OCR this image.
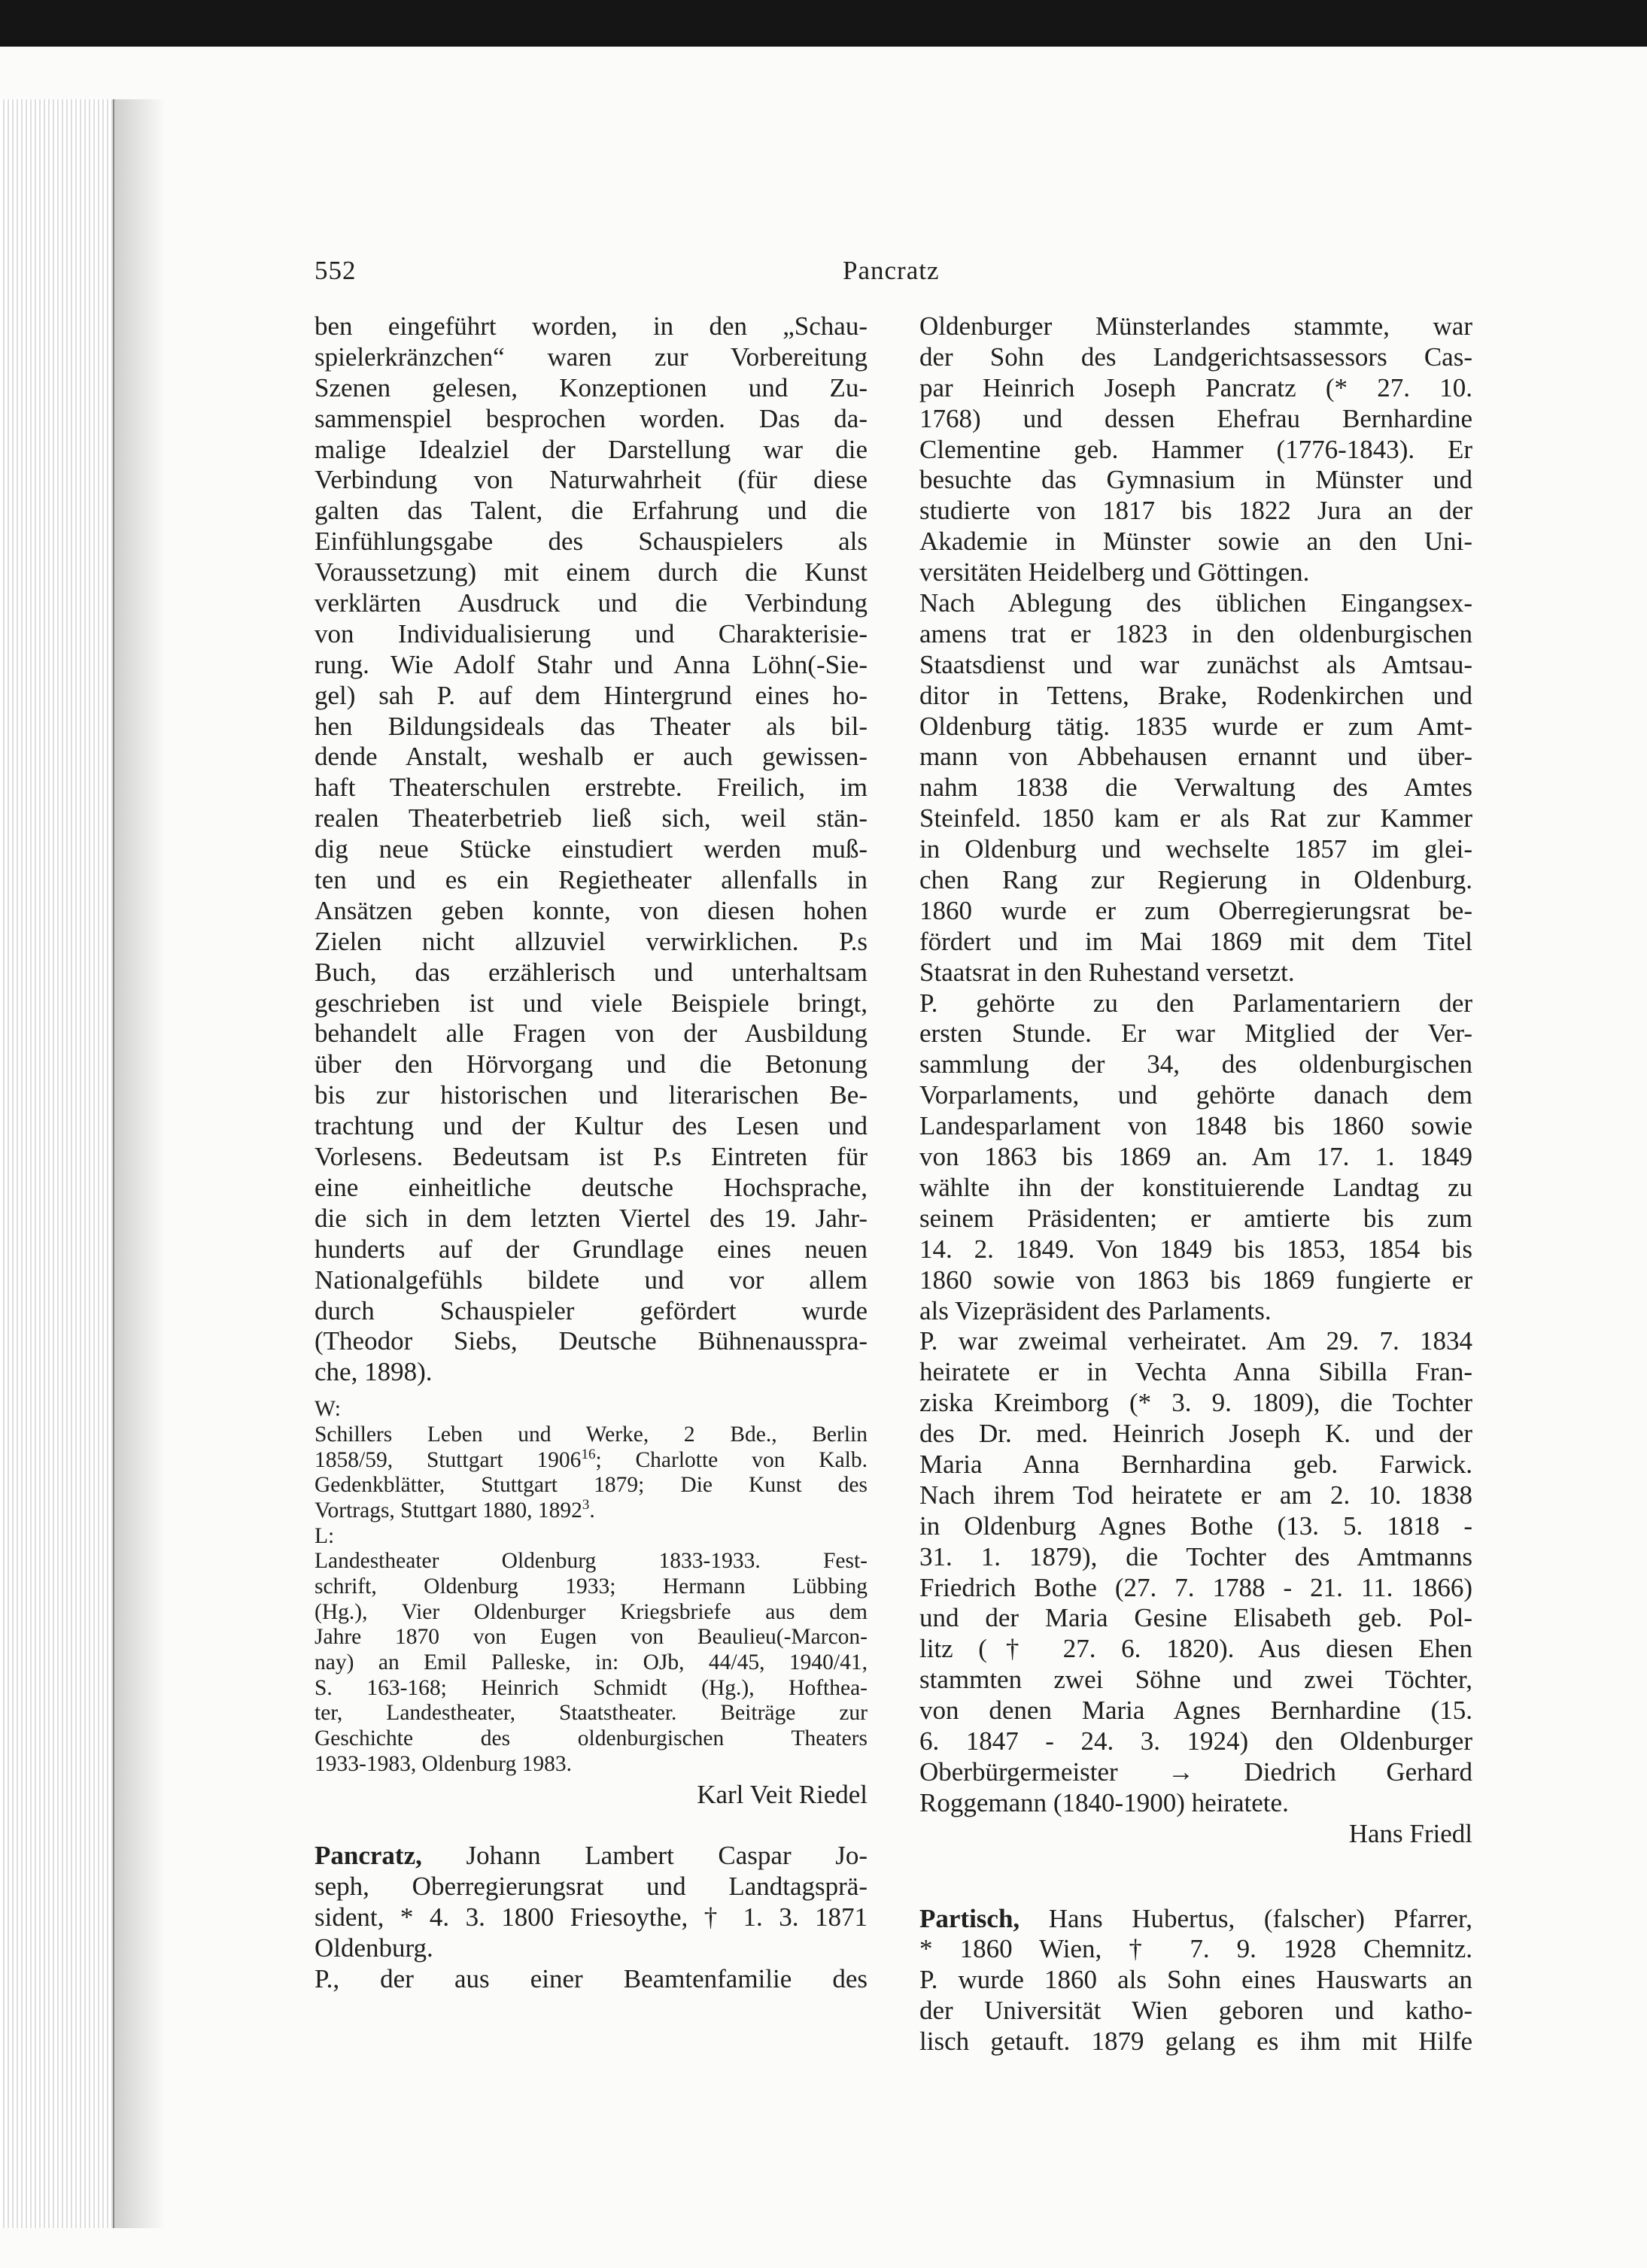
552	Pancratz
ben eingeführt worden, in den „Schau-
spielerkränzchen“ waren zur Vorbereitung
Szenen gelesen, Konzeptionen und Zu-
sammenspiel besprochen worden. Das da-
malige Idealziel der Darstellung war die
Verbindung von Naturwahrheit (für diese
galten das Talent, die Erfahrung und die
Einfühlungsgabe des Schauspielers als
Voraussetzung) mit einem durch die Kunst
verklärten Ausdruck und die Verbindung
von Individualisierung und Charakterisie-
rung. Wie Adolf Stahr und Anna Löhn(-Sie-
gel) sah P. auf dem Hintergrund eines ho-
hen Bildungsideals das Theater als bil-
dende Anstalt, weshalb er auch gewissen-
haft Theaterschulen erstrebte. Freilich, im
realen Theaterbetrieb ließ sich, weil stän-
dig neue Stücke einstudiert werden muß-
ten und es ein Regietheater allenfalls in
Ansätzen geben konnte, von diesen hohen
Zielen nicht allzuviel verwirklichen. P.s
Buch, das erzählerisch und unterhaltsam
geschrieben ist und viele Beispiele bringt,
behandelt alle Fragen von der Ausbildung
über den Hörvorgang und die Betonung
bis zur historischen und literarischen Be-
trachtung und der Kultur des Lesen und
Vorlesens. Bedeutsam ist P.s Eintreten für
eine einheitliche deutsche Hochsprache,
die sich in dem letzten Viertel des 19. Jahr-
hunderts auf der Grundlage eines neuen
Nationalgefühls bildete und vor allem
durch Schauspieler gefördert wurde
(Theodor Siebs, Deutsche Bühnenausspra-
che, 1898).
W:
Schillers Leben und Werke, 2 Bde., Berlin
1858/59, Stuttgart 1906$^{16}$; Charlotte von Kalb.
Gedenkblätter, Stuttgart 1879; Die Kunst des
Vortrags, Stuttgart 1880, 1892$^3$.
L:
Landestheater Oldenburg 1833-1933. Fest-
schrift, Oldenburg 1933; Hermann Lübbing
(Hg.), Vier Oldenburger Kriegsbriefe aus dem
Jahre 1870 von Eugen von Beaulieu(-Marcon-
nay) an Emil Palleske, in: OJb, 44/45, 1940/41,
S. 163-168; Heinrich Schmidt (Hg.), Hofthea-
ter, Landestheater, Staatstheater. Beiträge zur
Geschichte des oldenburgischen Theaters
1933-1983, Oldenburg 1983.
Karl Veit Riedel
Pancratz, Johann Lambert Caspar Jo-
seph, Oberregierungsrat und Landtagsprä-
sident, * 4. 3. 1800 Friesoythe, † 1. 3. 1871
Oldenburg.
P., der aus einer Beamtenfamilie des
Oldenburger Münsterlandes stammte, war
der Sohn des Landgerichtsassessors Cas-
par Heinrich Joseph Pancratz (* 27. 10.
1768) und dessen Ehefrau Bernhardine
Clementine geb. Hammer (1776-1843). Er
besuchte das Gymnasium in Münster und
studierte von 1817 bis 1822 Jura an der
Akademie in Münster sowie an den Uni-
versitäten Heidelberg und Göttingen.
Nach Ablegung des üblichen Eingangsex-
amens trat er 1823 in den oldenburgischen
Staatsdienst und war zunächst als Amtsau-
ditor in Tettens, Brake, Rodenkirchen und
Oldenburg tätig. 1835 wurde er zum Amt-
mann von Abbehausen ernannt und über-
nahm 1838 die Verwaltung des Amtes
Steinfeld. 1850 kam er als Rat zur Kammer
in Oldenburg und wechselte 1857 im glei-
chen Rang zur Regierung in Oldenburg.
1860 wurde er zum Oberregierungsrat be-
fördert und im Mai 1869 mit dem Titel
Staatsrat in den Ruhestand versetzt.
P. gehörte zu den Parlamentariern der
ersten Stunde. Er war Mitglied der Ver-
sammlung der 34, des oldenburgischen
Vorparlaments, und gehörte danach dem
Landesparlament von 1848 bis 1860 sowie
von 1863 bis 1869 an. Am 17. 1. 1849
wählte ihn der konstituierende Landtag zu
seinem Präsidenten; er amtierte bis zum
14. 2. 1849. Von 1849 bis 1853, 1854 bis
1860 sowie von 1863 bis 1869 fungierte er
als Vizepräsident des Parlaments.
P. war zweimal verheiratet. Am 29. 7. 1834
heiratete er in Vechta Anna Sibilla Fran-
ziska Kreimborg (* 3. 9. 1809), die Tochter
des Dr. med. Heinrich Joseph K. und der
Maria Anna Bernhardina geb. Farwick.
Nach ihrem Tod heiratete er am 2. 10. 1838
in Oldenburg Agnes Bothe (13. 5. 1818 -
31. 1. 1879), die Tochter des Amtmanns
Friedrich Bothe (27. 7. 1788 - 21. 11. 1866)
und der Maria Gesine Elisabeth geb. Pol-
litz († 27. 6. 1820). Aus diesen Ehen
stammten zwei Söhne und zwei Töchter,
von denen Maria Agnes Bernhardine (15.
6. 1847 - 24. 3. 1924) den Oldenburger
Oberbürgermeister → Diedrich Gerhard
Roggemann (1840-1900) heiratete.
Hans Friedl
Partisch, Hans Hubertus, (falscher) Pfarrer,
* 1860 Wien, † 7. 9. 1928 Chemnitz.
P. wurde 1860 als Sohn eines Hauswarts an
der Universität Wien geboren und katho-
lisch getauft. 1879 gelang es ihm mit Hilfe
